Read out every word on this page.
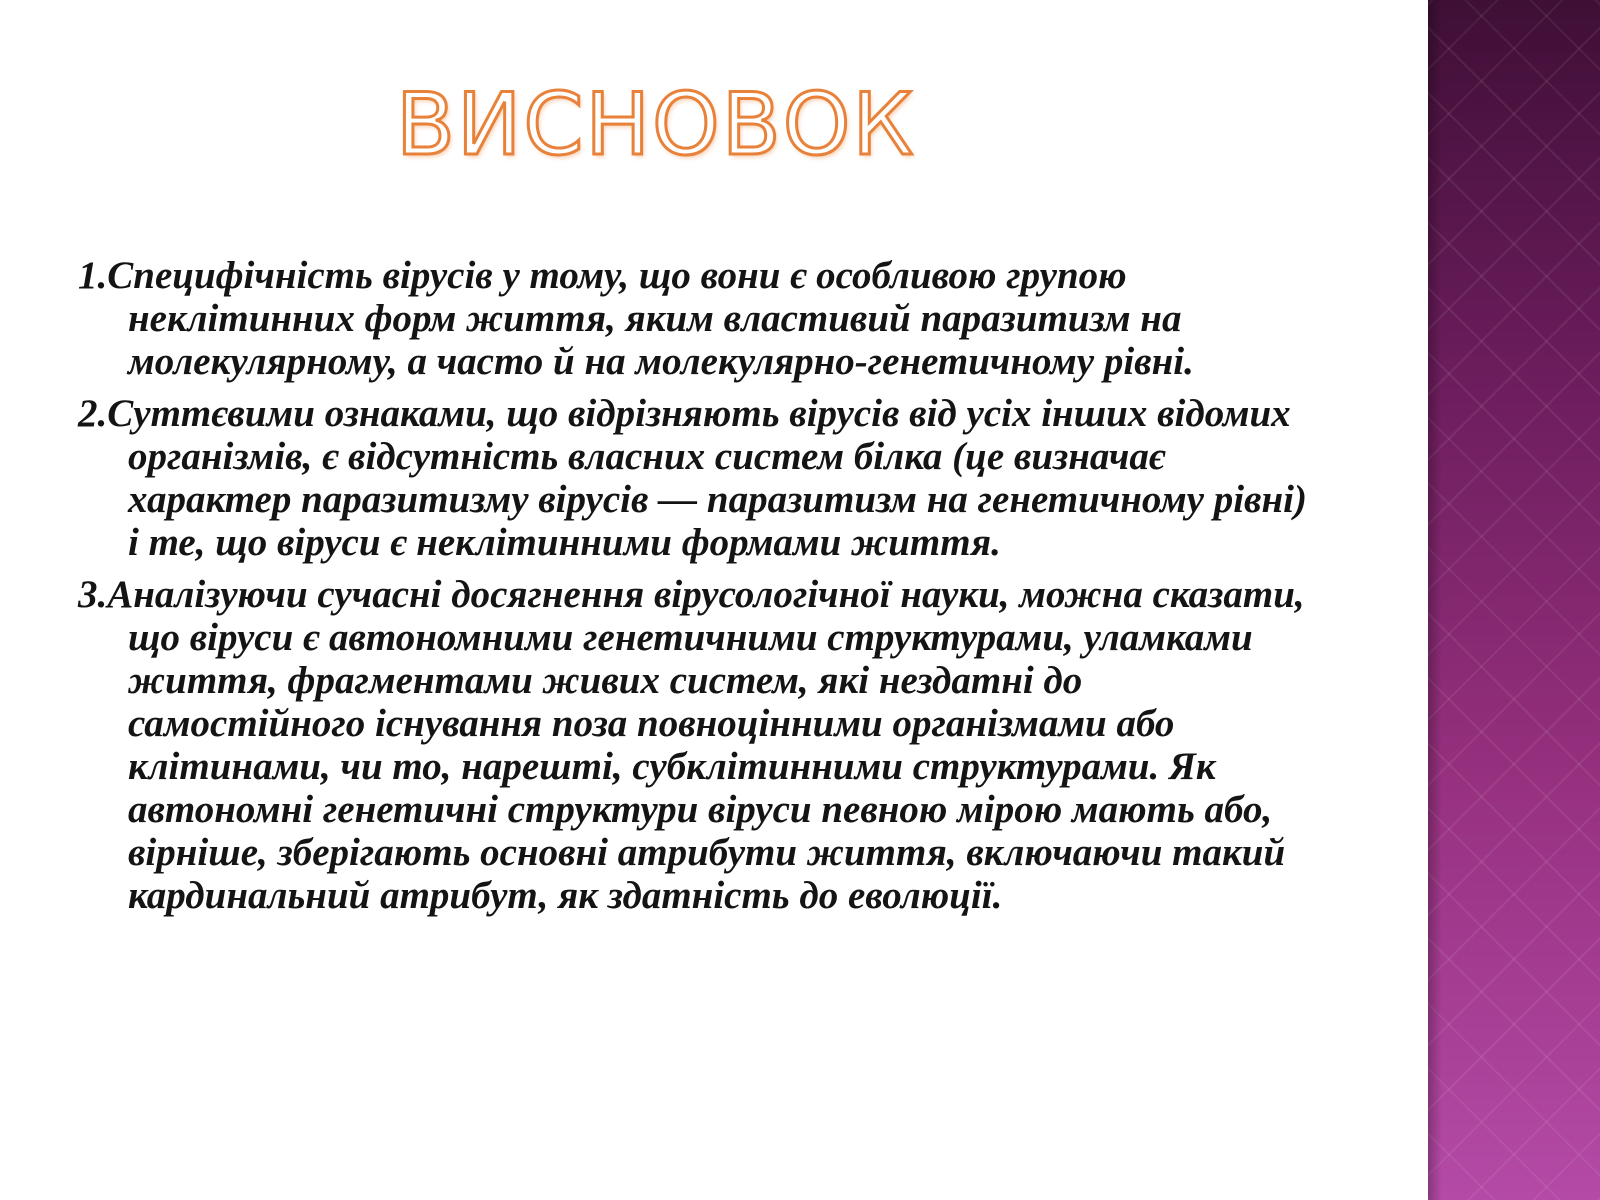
ВИСНОВОК

1.Специфічність вірусів у тому, що вони є особливою групою неклітинних форм життя, яким властивий паразитизм на молекулярному, а часто й на молекулярно-генетичному рівні.

2.Суттєвими ознаками, що відрізняють вірусів від усіх інших відомих організмів, є відсутність власних систем білка (це визначає характер паразитизму вірусів — паразитизм на генетичному рівні) і те, що віруси є неклітинними формами життя.

3.Аналізуючи сучасні досягнення вірусологічної науки, можна сказати, що віруси є автономними генетичними структурами, уламками життя, фрагментами живих систем, які нездатні до самостійного існування поза повноцінними організмами або клітинами, чи то, нарешті, субклітинними структурами. Як автономні генетичні структури віруси певною мірою мають або, вірніше, зберігають основні атрибути життя, включаючи такий кардинальний атрибут, як здатність до еволюції.
